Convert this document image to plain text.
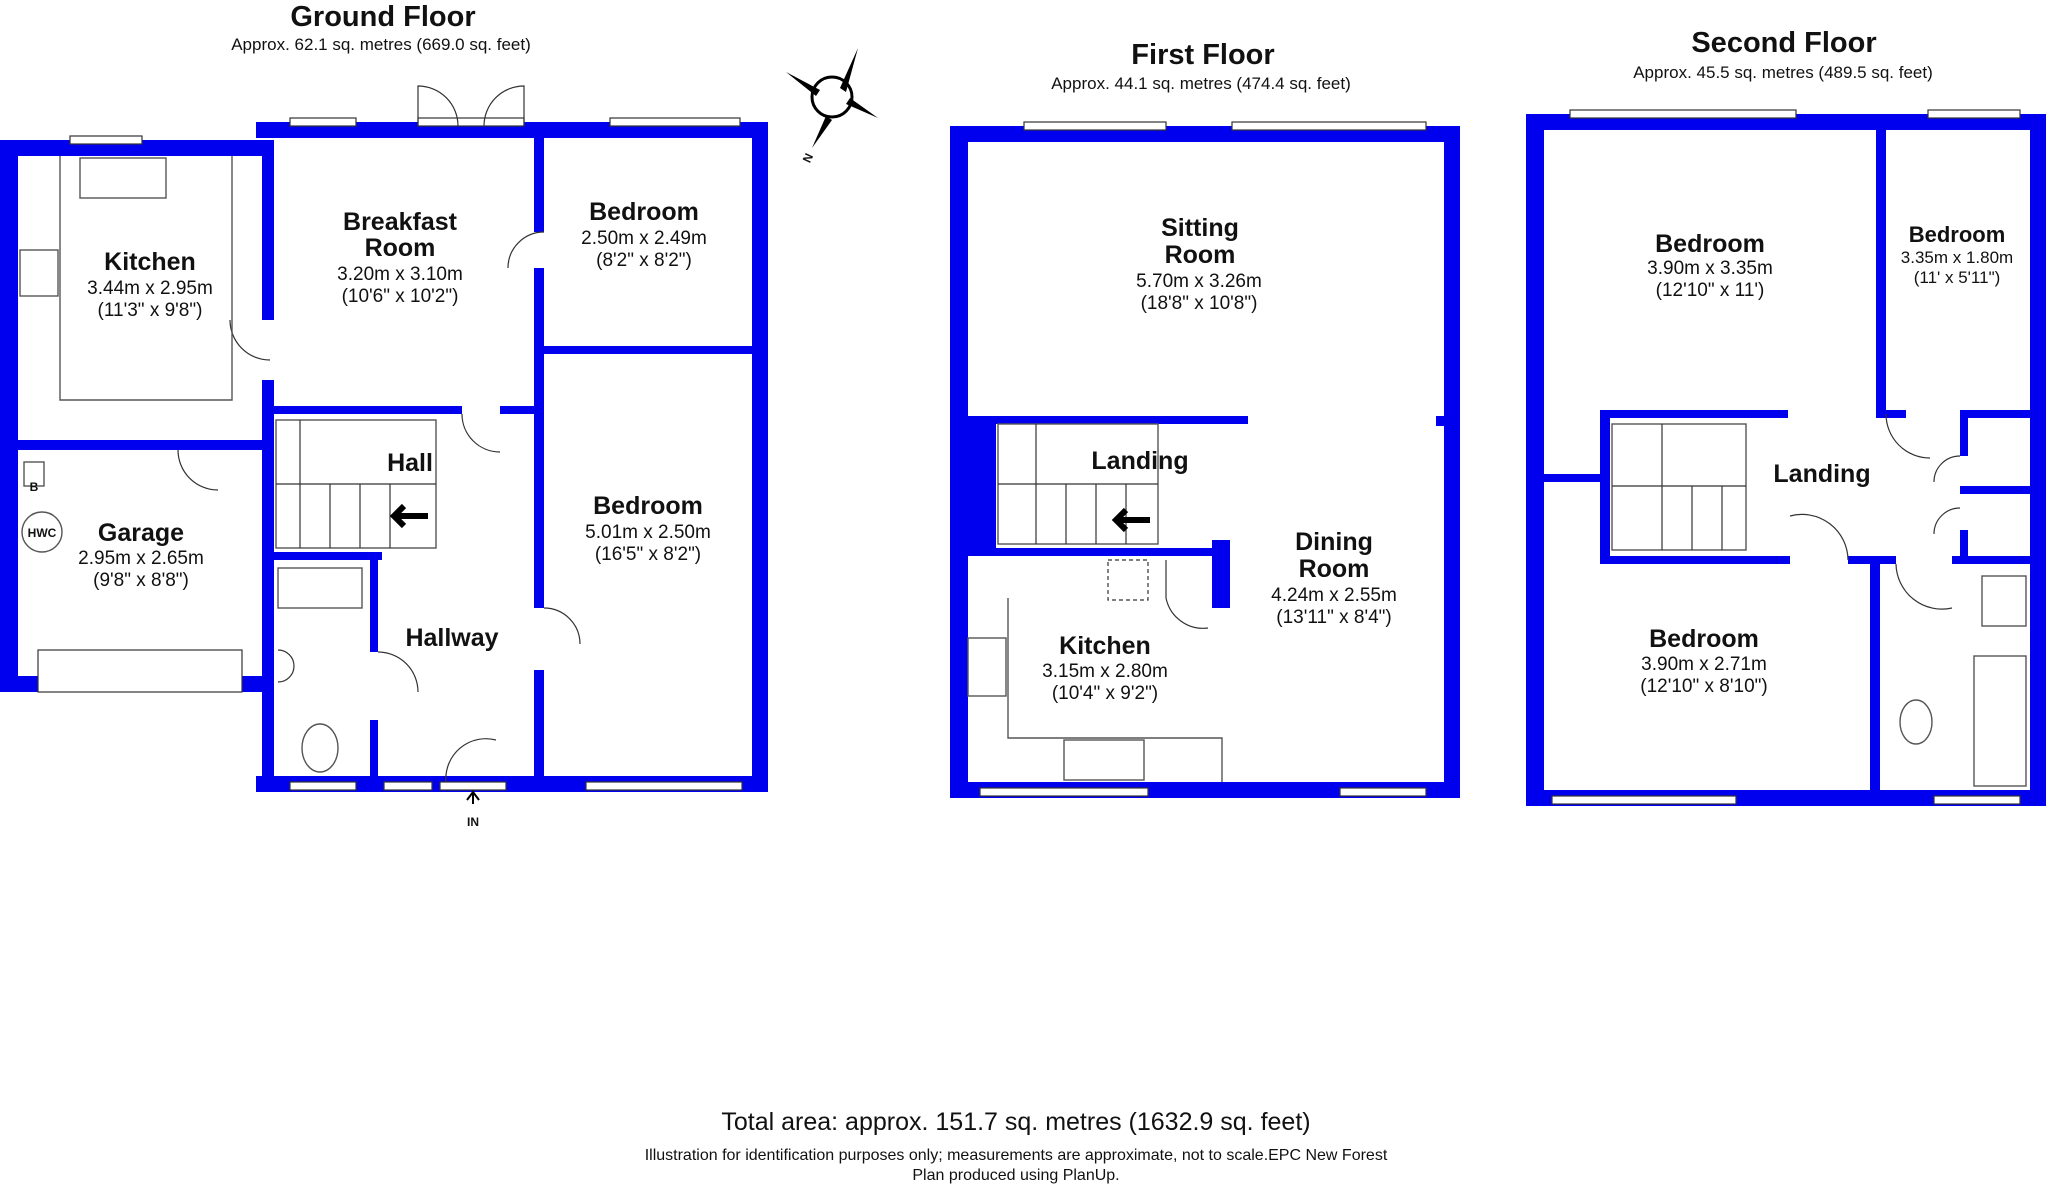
Ground Floor
Approx. 62.1 sq. metres (669.0 sq. feet)
Kitchen
3.44m x 2.95m
(11'3" x 9'8")
Breakfast
Room
3.20m x 3.10m
(10'6" x 10'2")
Bedroom
2.50m x 2.49m
(8'2" x 8'2")
Bedroom
5.01m x 2.50m
(16'5" x 8'2")
Hall
Hallway
Garage
2.95m x 2.65m
(9'8" x 8'8")
B
HWC
IN
N
First Floor
Approx. 44.1 sq. metres (474.4 sq. feet)
Sitting
Room
5.70m x 3.26m
(18'8" x 10'8")
Landing
Dining
Room
4.24m x 2.55m
(13'11" x 8'4")
Kitchen
3.15m x 2.80m
(10'4" x 9'2")
Second Floor
Approx. 45.5 sq. metres (489.5 sq. feet)
Bedroom
3.90m x 3.35m
(12'10" x 11')
Bedroom
3.35m x 1.80m
(11' x 5'11")
Landing
Bedroom
3.90m x 2.71m
(12'10" x 8'10")
Total area: approx. 151.7 sq. metres (1632.9 sq. feet)
Illustration for identification purposes only; measurements are approximate, not to scale.EPC New Forest
Plan produced using PlanUp.
